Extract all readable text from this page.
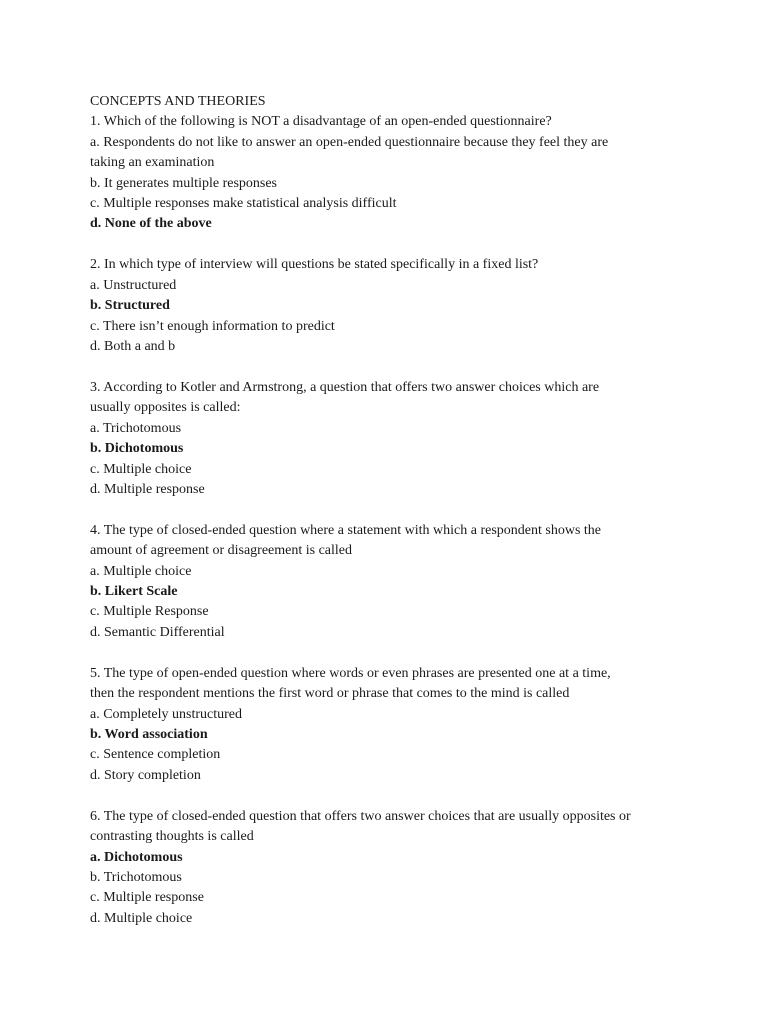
CONCEPTS AND THEORIES
1. Which of the following is NOT a disadvantage of an open-ended questionnaire?
a. Respondents do not like to answer an open-ended questionnaire because they feel they are
taking an examination
b. It generates multiple responses
c. Multiple responses make statistical analysis difficult
d. None of the above
2. In which type of interview will questions be stated specifically in a fixed list?
a. Unstructured
b. Structured
c. There isn’t enough information to predict
d. Both a and b
3. According to Kotler and Armstrong, a question that offers two answer choices which are
usually opposites is called:
a. Trichotomous
b. Dichotomous
c. Multiple choice
d. Multiple response
4. The type of closed-ended question where a statement with which a respondent shows the
amount of agreement or disagreement is called
a. Multiple choice
b. Likert Scale
c. Multiple Response
d. Semantic Differential
5. The type of open-ended question where words or even phrases are presented one at a time,
then the respondent mentions the first word or phrase that comes to the mind is called
a. Completely unstructured
b. Word association
c. Sentence completion
d. Story completion
6. The type of closed-ended question that offers two answer choices that are usually opposites or
contrasting thoughts is called
a. Dichotomous
b. Trichotomous
c. Multiple response
d. Multiple choice
